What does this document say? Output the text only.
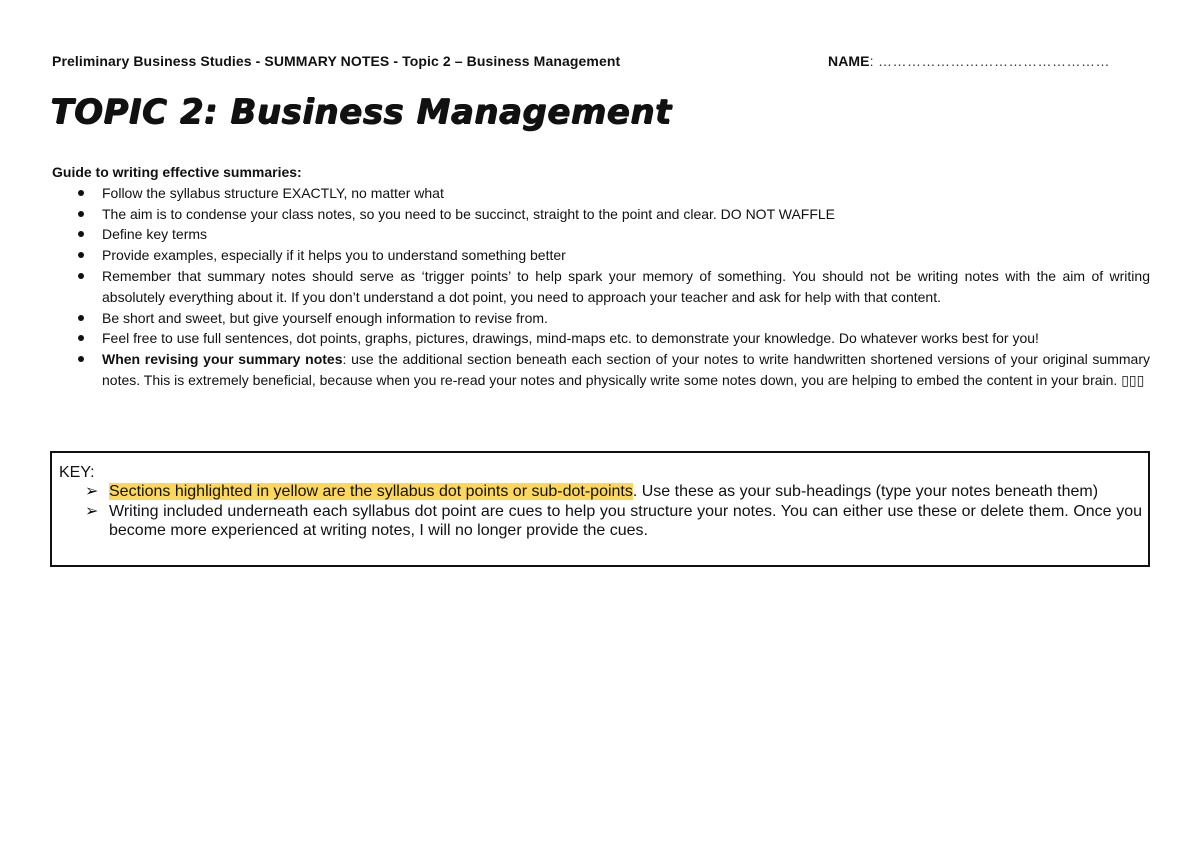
Preliminary Business Studies - SUMMARY NOTES - Topic 2 – Business Management	NAME: …………………………………………
TOPIC 2: Business Management

Guide to writing effective summaries:

Follow the syllabus structure EXACTLY, no matter what
The aim is to condense your class notes, so you need to be succinct, straight to the point and clear. DO NOT WAFFLE
Define key terms
Provide examples, especially if it helps you to understand something better
Remember that summary notes should serve as ‘trigger points’ to help spark your memory of something. You should not be writing notes with the aim of writing absolutely everything about it. If you don’t understand a dot point, you need to approach your teacher and ask for help with that content.
Be short and sweet, but give yourself enough information to revise from.
Feel free to use full sentences, dot points, graphs, pictures, drawings, mind-maps etc. to demonstrate your knowledge. Do whatever works best for you!
When revising your summary notes: use the additional section beneath each section of your notes to write handwritten shortened versions of your original summary notes. This is extremely beneficial, because when you re-read your notes and physically write some notes down, you are helping to embed the content in your brain. ▯▯▯

KEY:

➢ Sections highlighted in yellow are the syllabus dot points or sub-dot-points. Use these as your sub-headings (type your notes beneath them)
➢ Writing included underneath each syllabus dot point are cues to help you structure your notes. You can either use these or delete them. Once you become more experienced at writing notes, I will no longer provide the cues.
